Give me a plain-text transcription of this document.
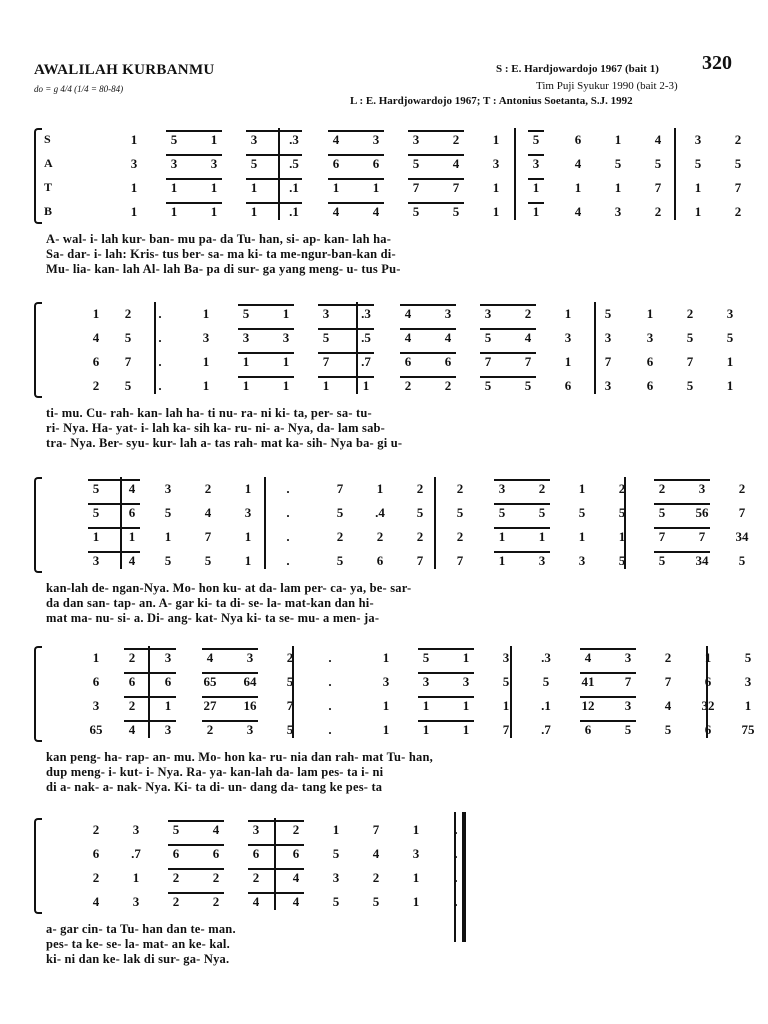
AWALILAH KURBANMU
do = g 4/4 (1/4 = 80-84)
S : E. Hardjowardojo 1967 (bait 1) 320
Tim Puji Syukur 1990 (bait 2-3)
L : E. Hardjowardojo 1967; T : Antonius Soetanta, S.J. 1992
S	1	5	1	3	.3	4	3	3	2	1	5	6	1	4	3	2
A	3	3	3	5	.5	6	6	5	4	3	3	4	5	5	5	5
T	1	1	1	1	.1	1	1	7	7	1	1	1	1	7	1	7
B	1	1	1	1	.1	4	4	5	5	1	1	4	3	2	1	2
A- wal- i- lah kur- ban- mu pa- da Tu- han, si- ap- kan- lah ha-
Sa- dar- i- lah: Kris- tus ber- sa- ma ki- ta me-ngur-ban-kan di-
Mu- lia- kan- lah Al- lah Ba- pa di sur- ga yang meng- u- tus Pu-
1	2	.	1	5	1	3	.3	4	3	3	2	1	5	1	2	3
4	5	.	3	3	3	5	.5	4	4	5	4	3	3	3	5	5
6	7	.	1	1	1	7	.7	6	6	7	7	1	7	6	7	1
2	5	.	1	1	1	1	1	2	2	5	5	6	3	6	5	1
ti- mu. Cu- rah- kan- lah ha- ti nu- ra- ni ki- ta, per- sa- tu-
ri- Nya. Ha- yat- i- lah ka- sih ka- ru- ni- a- Nya, da- lam sab-
tra- Nya. Ber- syu- kur- lah a- tas rah- mat ka- sih- Nya ba- gi u-
5	4	3	2	1	.	7	1	2	2	3	2	1	2	2	3	2
5	6	5	4	3	.	5	.4	5	5	5	5	5	5	5	56	7
1	1	1	7	1	.	2	2	2	2	1	1	1	1	7	7	34
3	4	5	5	1	.	5	6	7	7	1	3	3	5	5	34	5
kan-lah de- ngan-Nya. Mo- hon ku- at da- lam per- ca- ya, be- sar-
da dan san- tap- an. A- gar ki- ta di- se- la- mat-kan dan hi-
mat ma- nu- si- a. Di- ang- kat- Nya ki- ta se- mu- a men- ja-
1	2	3	4	3	2	.	1	5	1	3	.3	4	3	2	1	5
6	6	6	65 64	5	.	3	3	3	5	5	41	7	7	6	3
3	2	1	27 16	7	.	1	1	1	1	.1	12	3	4	32	1
65	4	3	2	3	5	.	1	1	1	7	.7	6	5	5	6	75
kan peng- ha- rap- an- mu. Mo- hon ka- ru- nia dan rah- mat Tu- han,
dup meng- i- kut- i- Nya. Ra- ya- kan-lah da- lam pes- ta i- ni
di a- nak- a- nak- Nya. Ki- ta di- un- dang da- tang ke pes- ta
2	3	5	4	3	2	1	7	1	.
6	.7	6	6	6	6	5	4	3	.
2	1	2	2	2	4	3	2	1	.
4	3	2	2	4	4	5	5	1	.
a- gar cin- ta Tu- han dan te- man.
pes- ta ke- se- la- mat- an ke- kal.
ki- ni dan ke- lak di sur- ga- Nya.
